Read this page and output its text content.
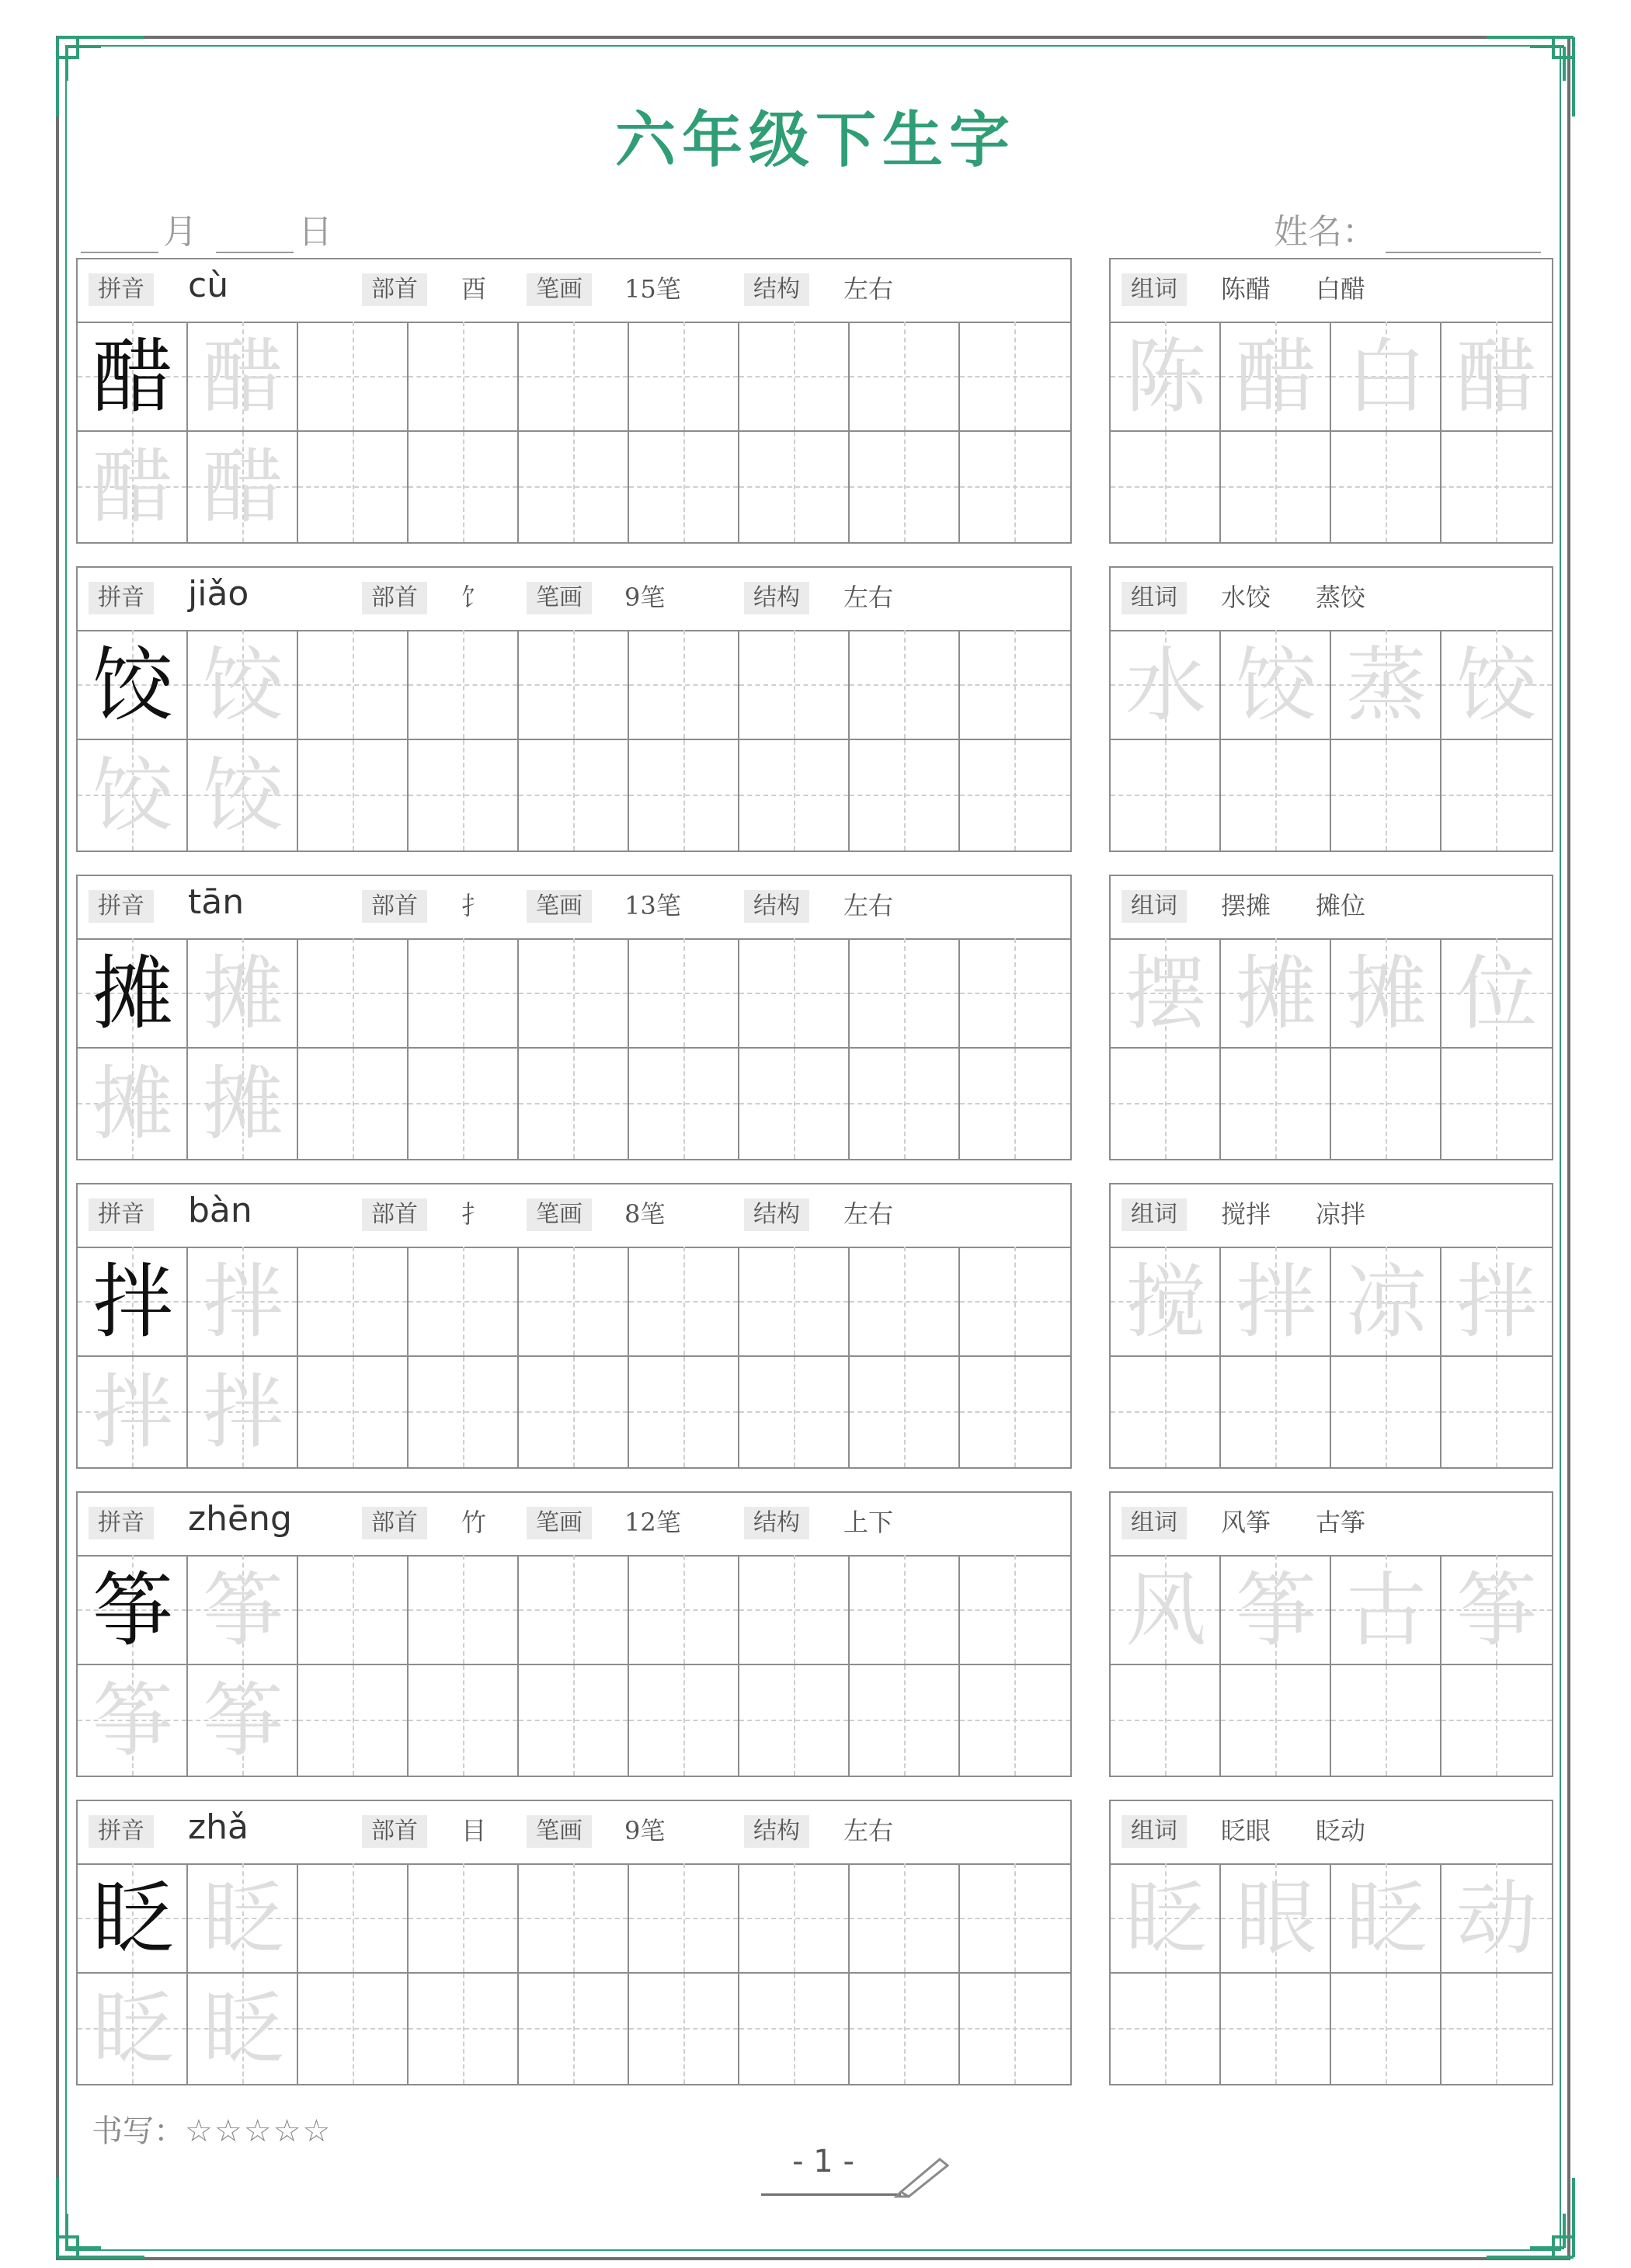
六年级下生字
月	日	姓名：
拼音 cù	部首	酉	笔画	15笔	结构	左右
醋 醋
醋 醋
组词	陈醋 白醋
陈 醋 白 醋
拼音 jiǎo	部首	饣	笔画	9笔	结构	左右
饺 饺
饺 饺
组词	水饺 蒸饺
水 饺 蒸 饺
拼音 tān	部首	扌	笔画	13笔	结构	左右
摊 摊
摊 摊
组词	摆摊 摊位
摆 摊 摊 位
拼音 bàn	部首	扌	笔画	8笔	结构	左右
拌 拌
拌 拌
组词	搅拌 凉拌
搅 拌 凉 拌
拼音 zhēng	部首	竹	笔画	12笔	结构	上下
筝 筝
筝 筝
组词	风筝 古筝
风 筝 古 筝
拼音 zhǎ	部首	目	笔画	9笔	结构	左右
眨 眨
眨 眨
组词	眨眼 眨动
眨 眼 眨 动
书写：☆☆☆☆☆
- 1 -
